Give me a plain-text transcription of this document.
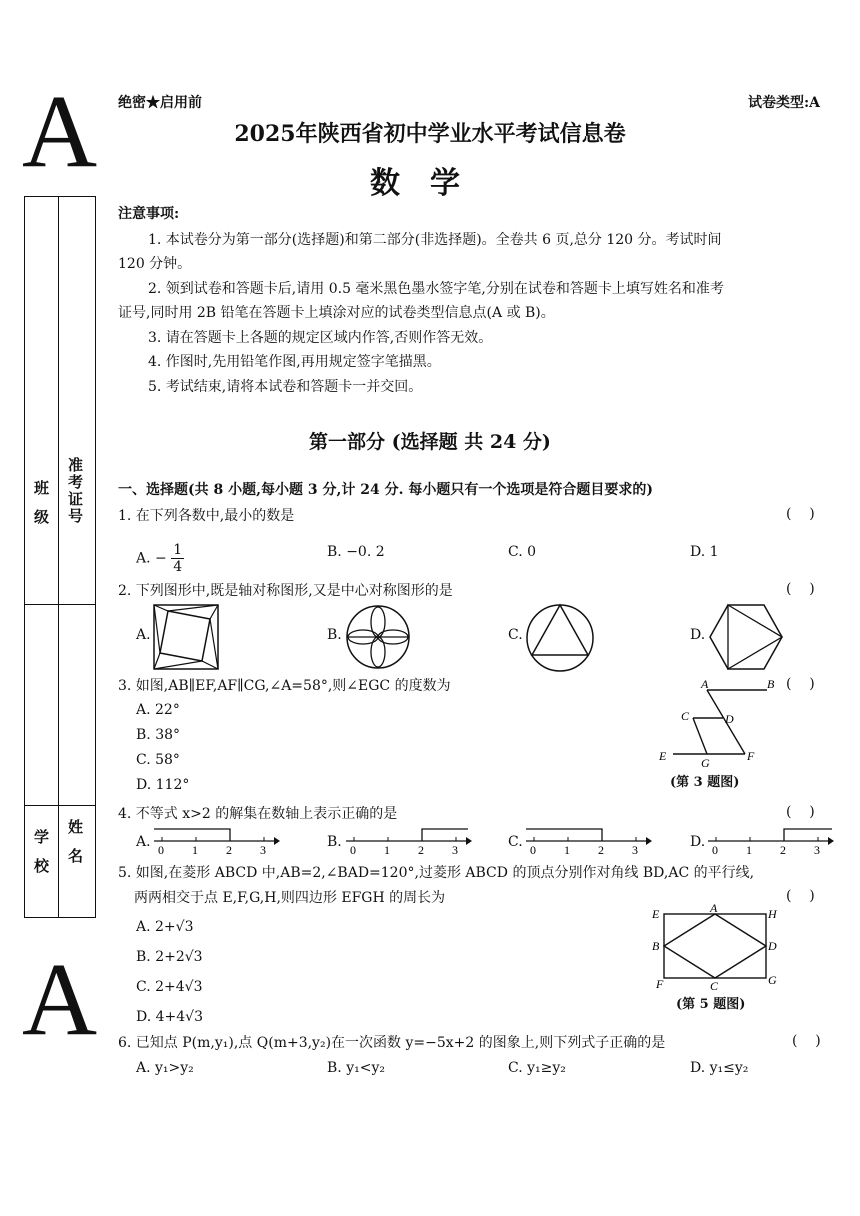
A
A
绝密★启用前	试卷类型:A
2025年陕西省初中学业水平考试信息卷
数学
班级 准考证号
学校 姓名
注意事项:
1. 本试卷分为第一部分(选择题)和第二部分(非选择题)。全卷共 6 页,总分 120 分。考试时间
120 分钟。
2. 领到试卷和答题卡后,请用 0.5 毫米黑色墨水签字笔,分别在试卷和答题卡上填写姓名和准考
证号,同时用 2B 铅笔在答题卡上填涂对应的试卷类型信息点(A 或 B)。
3. 请在答题卡上各题的规定区域内作答,否则作答无效。
4. 作图时,先用铅笔作图,再用规定签字笔描黑。
5. 考试结束,请将本试卷和答题卡一并交回。
第一部分 (选择题 共 24 分)
一、选择题(共 8 小题,每小题 3 分,计 24 分. 每小题只有一个选项是符合题目要求的)
1. 在下列各数中,最小的数是	(    )
A. − $\frac{1}{4}$	B. −0. 2	C. 0	D. 1
2. 下列图形中,既是轴对称图形,又是中心对称图形的是	(    )
A.	B.	C.	D.
3. 如图,AB∥EF,AF∥CG,∠A=58°,则∠EGC 的度数为	(    )
A. 22°
B. 38°
C. 58°
D. 112°
A	B
C	D
E	F
G
(第 3 题图)
4. 不等式 x>2 的解集在数轴上表示正确的是	(    )
A.	B.	C.	D.
0 1 2 3	0 1 2 3	0 1 2 3	0 1 2 3
5. 如图,在菱形 ABCD 中,AB=2,∠BAD=120°,过菱形 ABCD 的顶点分别作对角线 BD,AC 的平行线,
两两相交于点 E,F,G,H,则四边形 EFGH 的周长为	(    )
A. 2+√3
B. 2+2√3
C. 2+4√3
D. 4+4√3
E	A	H
B	D
F	C	G
(第 5 题图)
6. 已知点 P(m,y₁),点 Q(m+3,y₂)在一次函数 y=−5x+2 的图象上,则下列式子正确的是	(    )
A. y₁>y₂	B. y₁<y₂	C. y₁≥y₂	D. y₁≤y₂
